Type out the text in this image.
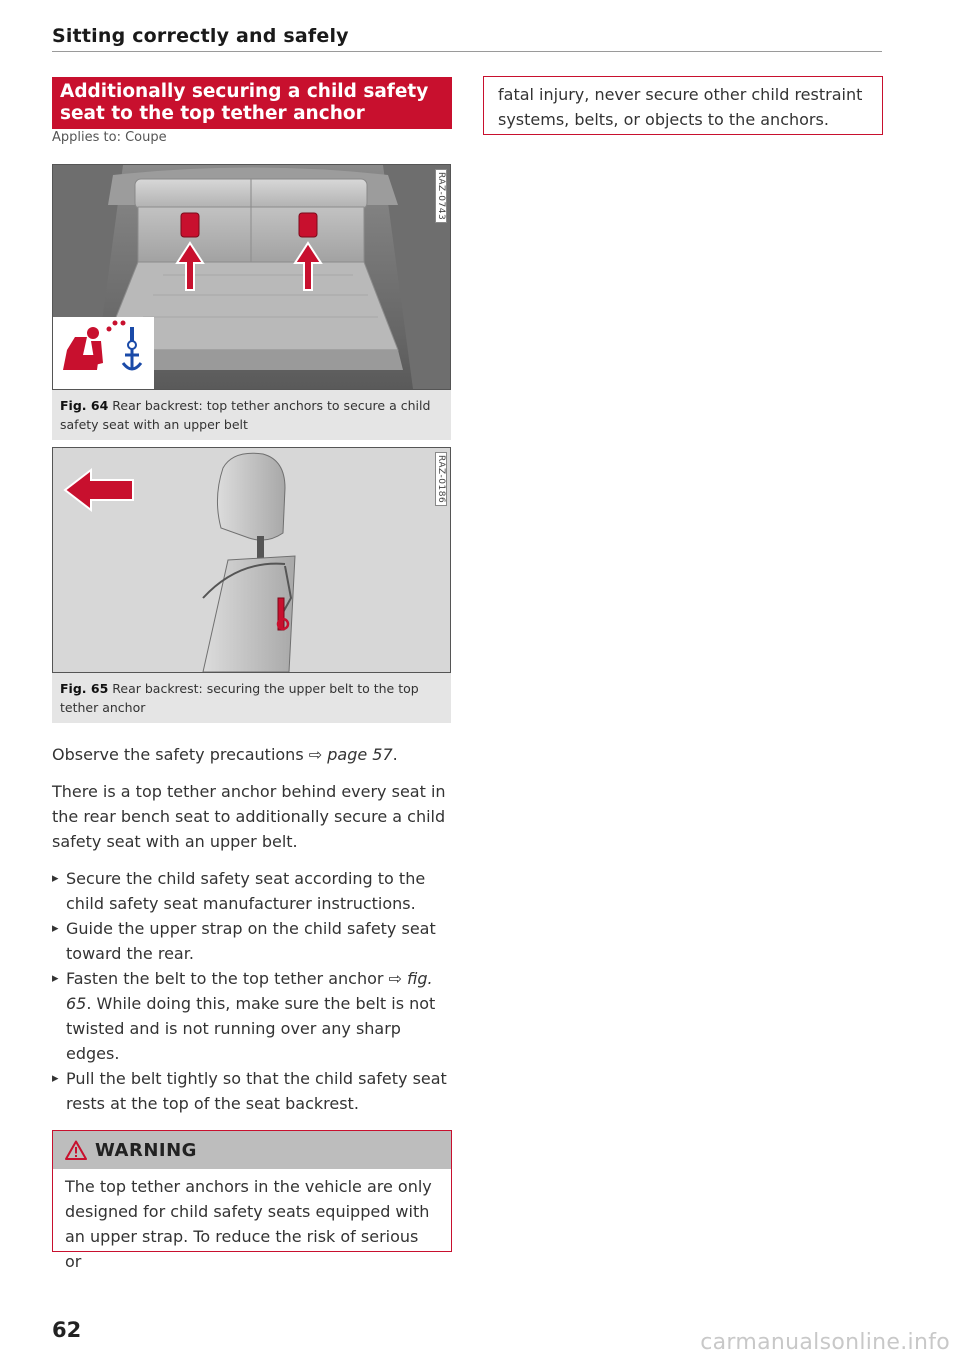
Sitting correctly and safely
Additionally securing a child safety seat to the top tether anchor
Applies to: Coupe
RAZ-0743
Fig. 64 Rear backrest: top tether anchors to secure a child safety seat with an upper belt
RAZ-0186
Fig. 65 Rear backrest: securing the upper belt to the top tether anchor

Observe the safety precautions ⇨ page 57.

There is a top tether anchor behind every seat in the rear bench seat to additionally secure a child safety seat with an upper belt.

▸ Secure the child safety seat according to the child safety seat manufacturer instructions.
▸ Guide the upper strap on the child safety seat toward the rear.
▸ Fasten the belt to the top tether anchor ⇨ fig. 65. While doing this, make sure the belt is not twisted and is not running over any sharp edges.
▸ Pull the belt tightly so that the child safety seat rests at the top of the seat backrest.
WARNING
The top tether anchors in the vehicle are only designed for child safety seats equipped with an upper strap. To reduce the risk of serious or
fatal injury, never secure other child restraint systems, belts, or objects to the anchors.
62	carmanualsonline.info
